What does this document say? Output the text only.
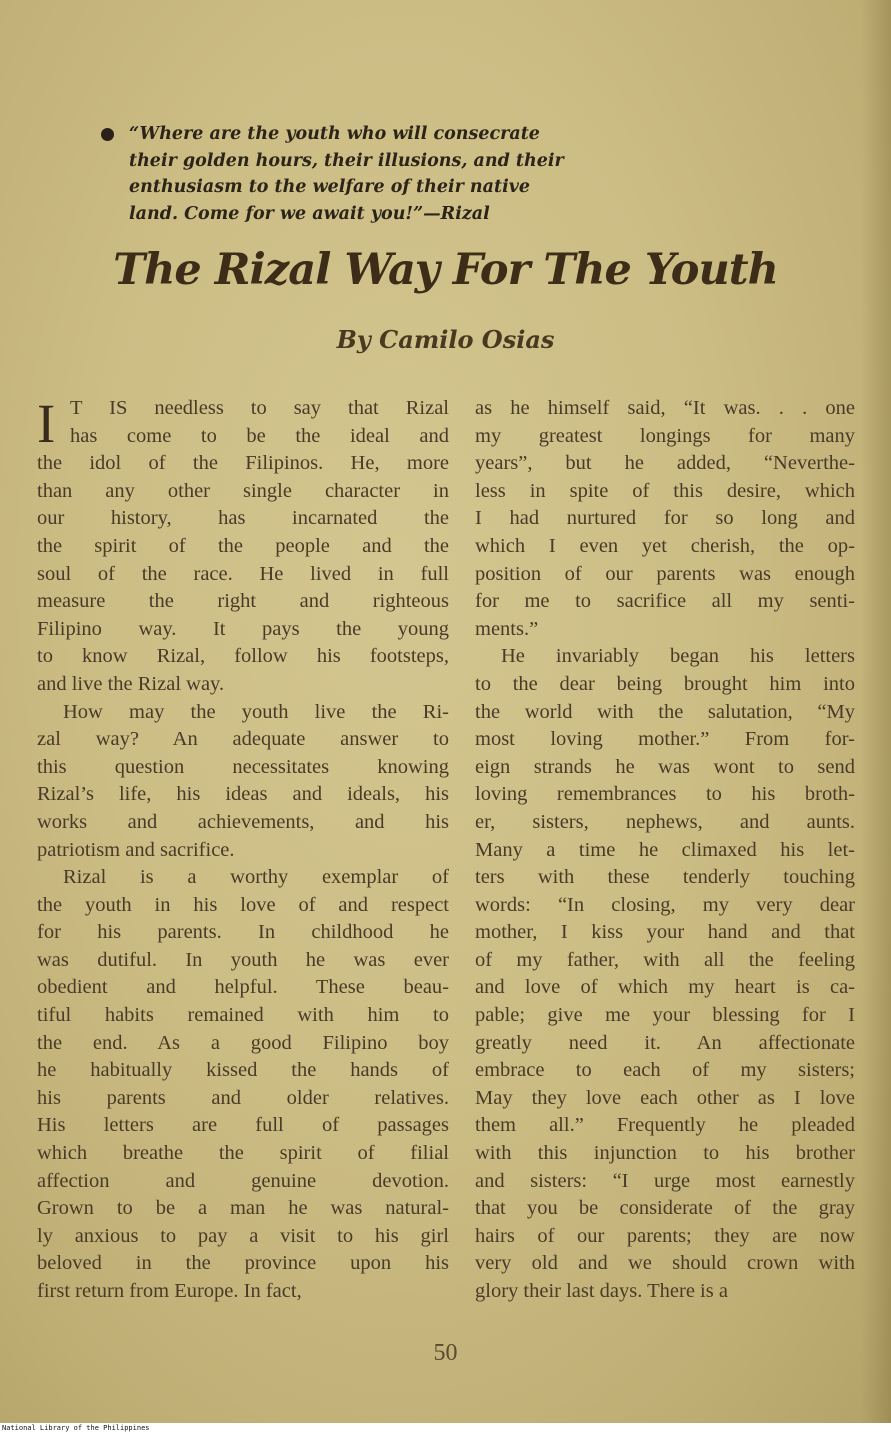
“Where are the youth who will consecrate
their golden hours, their illusions, and their
enthusiasm to the welfare of their native
land. Come for we await you!”—Rizal
The Rizal Way For The Youth
By Camilo Osias
I T IS needless to say that Rizal
has come to be the ideal and
the idol of the Filipinos. He, more
than any other single character in
our history, has incarnated the
the spirit of the people and the
soul of the race. He lived in full
measure the right and righteous
Filipino way. It pays the young
to know Rizal, follow his footsteps,
and live the Rizal way.
How may the youth live the Ri-
zal way? An adequate answer to
this question necessitates knowing
Rizal’s life, his ideas and ideals, his
works and achievements, and his
patriotism and sacrifice.
Rizal is a worthy exemplar of
the youth in his love of and respect
for his parents. In childhood he
was dutiful. In youth he was ever
obedient and helpful. These beau-
tiful habits remained with him to
the end. As a good Filipino boy
he habitually kissed the hands of
his parents and older relatives.
His letters are full of passages
which breathe the spirit of filial
affection and genuine devotion.
Grown to be a man he was natural-
ly anxious to pay a visit to his girl
beloved in the province upon his
first return from Europe. In fact,
as he himself said, “It was. . . one
my greatest longings for many
years”, but he added, “Neverthe-
less in spite of this desire, which
I had nurtured for so long and
which I even yet cherish, the op-
position of our parents was enough
for me to sacrifice all my senti-
ments.”
He invariably began his letters
to the dear being brought him into
the world with the salutation, “My
most loving mother.” From for-
eign strands he was wont to send
loving remembrances to his broth-
er, sisters, nephews, and aunts.
Many a time he climaxed his let-
ters with these tenderly touching
words: “In closing, my very dear
mother, I kiss your hand and that
of my father, with all the feeling
and love of which my heart is ca-
pable; give me your blessing for I
greatly need it. An affectionate
embrace to each of my sisters;
May they love each other as I love
them all.” Frequently he pleaded
with this injunction to his brother
and sisters: “I urge most earnestly
that you be considerate of the gray
hairs of our parents; they are now
very old and we should crown with
glory their last days. There is a
50
National Library of the Philippines
